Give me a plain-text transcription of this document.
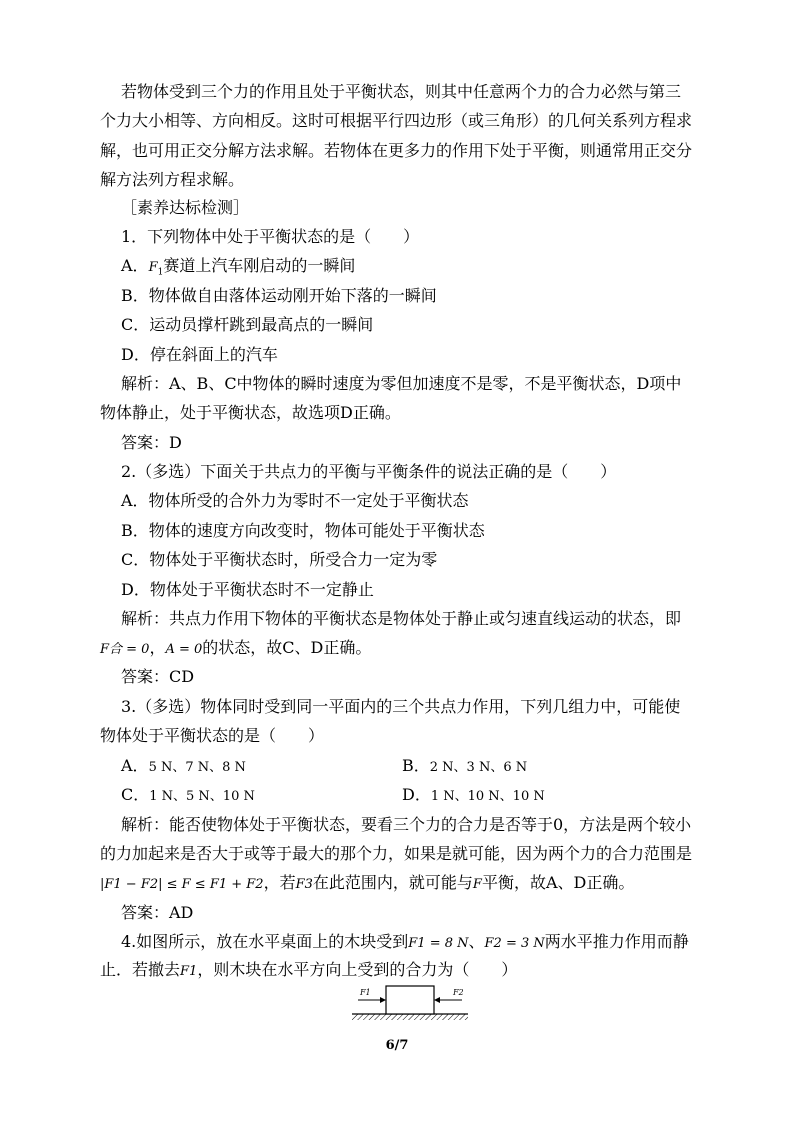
若物体受到三个力的作用且处于平衡状态，则其中任意两个力的合力必然与第三
个力大小相等、方向相反。这时可根据平行四边形（或三角形）的几何关系列方程求
解，也可用正交分解方法求解。若物体在更多力的作用下处于平衡，则通常用正交分
解方法列方程求解。
［素养达标检测］
1．下列物体中处于平衡状态的是（　　）
A．$F_1$赛道上汽车刚启动的一瞬间
B．物体做自由落体运动刚开始下落的一瞬间
C．运动员撑杆跳到最高点的一瞬间
D．停在斜面上的汽车
解析：A、B、C中物体的瞬时速度为零但加速度不是零，不是平衡状态，D项中
物体静止，处于平衡状态，故选项D正确。
答案：D
2.（多选）下面关于共点力的平衡与平衡条件的说法正确的是（　　）
A．物体所受的合外力为零时不一定处于平衡状态
B．物体的速度方向改变时，物体可能处于平衡状态
C．物体处于平衡状态时，所受合力一定为零
D．物体处于平衡状态时不一定静止
解析：共点力作用下物体的平衡状态是物体处于静止或匀速直线运动的状态，即
F合 = 0，A = 0的状态，故C、D正确。
答案：CD
3.（多选）物体同时受到同一平面内的三个共点力作用，下列几组力中，可能使
物体处于平衡状态的是（　　）
A．5 N、7 N、8 N	B．2 N、3 N、6 N
C．1 N、5 N、10 N	D．1 N、10 N、10 N
解析：能否使物体处于平衡状态，要看三个力的合力是否等于0，方法是两个较小
的力加起来是否大于或等于最大的那个力，如果是就可能，因为两个力的合力范围是
|F1 − F2| ≤ F ≤ F1 + F2，若F3在此范围内，就可能与F平衡，故A、D正确。
答案：AD
4.如图所示，放在水平桌面上的木块受到F1 = 8 N、F2 = 3 N两水平推力作用而静
止．若撤去F1，则木块在水平方向上受到的合力为（　　）
F1	F2
6/7
